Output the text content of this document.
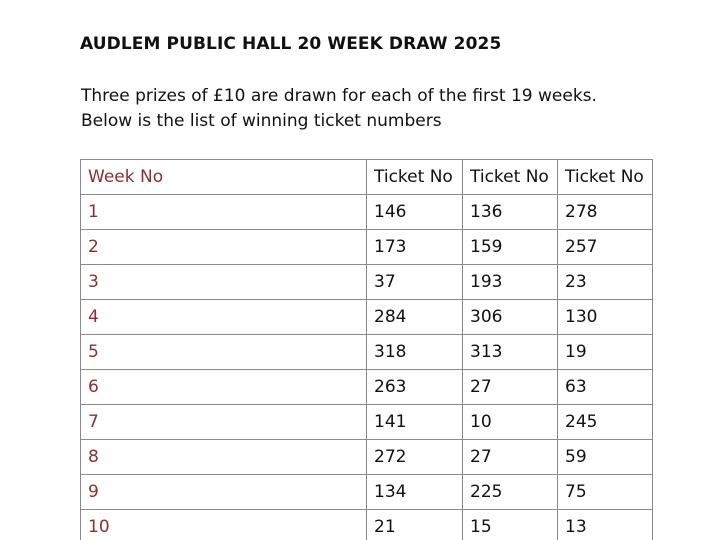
AUDLEM PUBLIC HALL 20 WEEK DRAW 2025

Three prizes of £10 are drawn for each of the first 19 weeks.
Below is the list of winning ticket numbers

Week No	Ticket No	Ticket No	Ticket No
1	146	136	278
2	173	159	257
3	37	193	23
4	284	306	130
5	318	313	19
6	263	27	63
7	141	10	245
8	272	27	59
9	134	225	75
10	21	15	13
